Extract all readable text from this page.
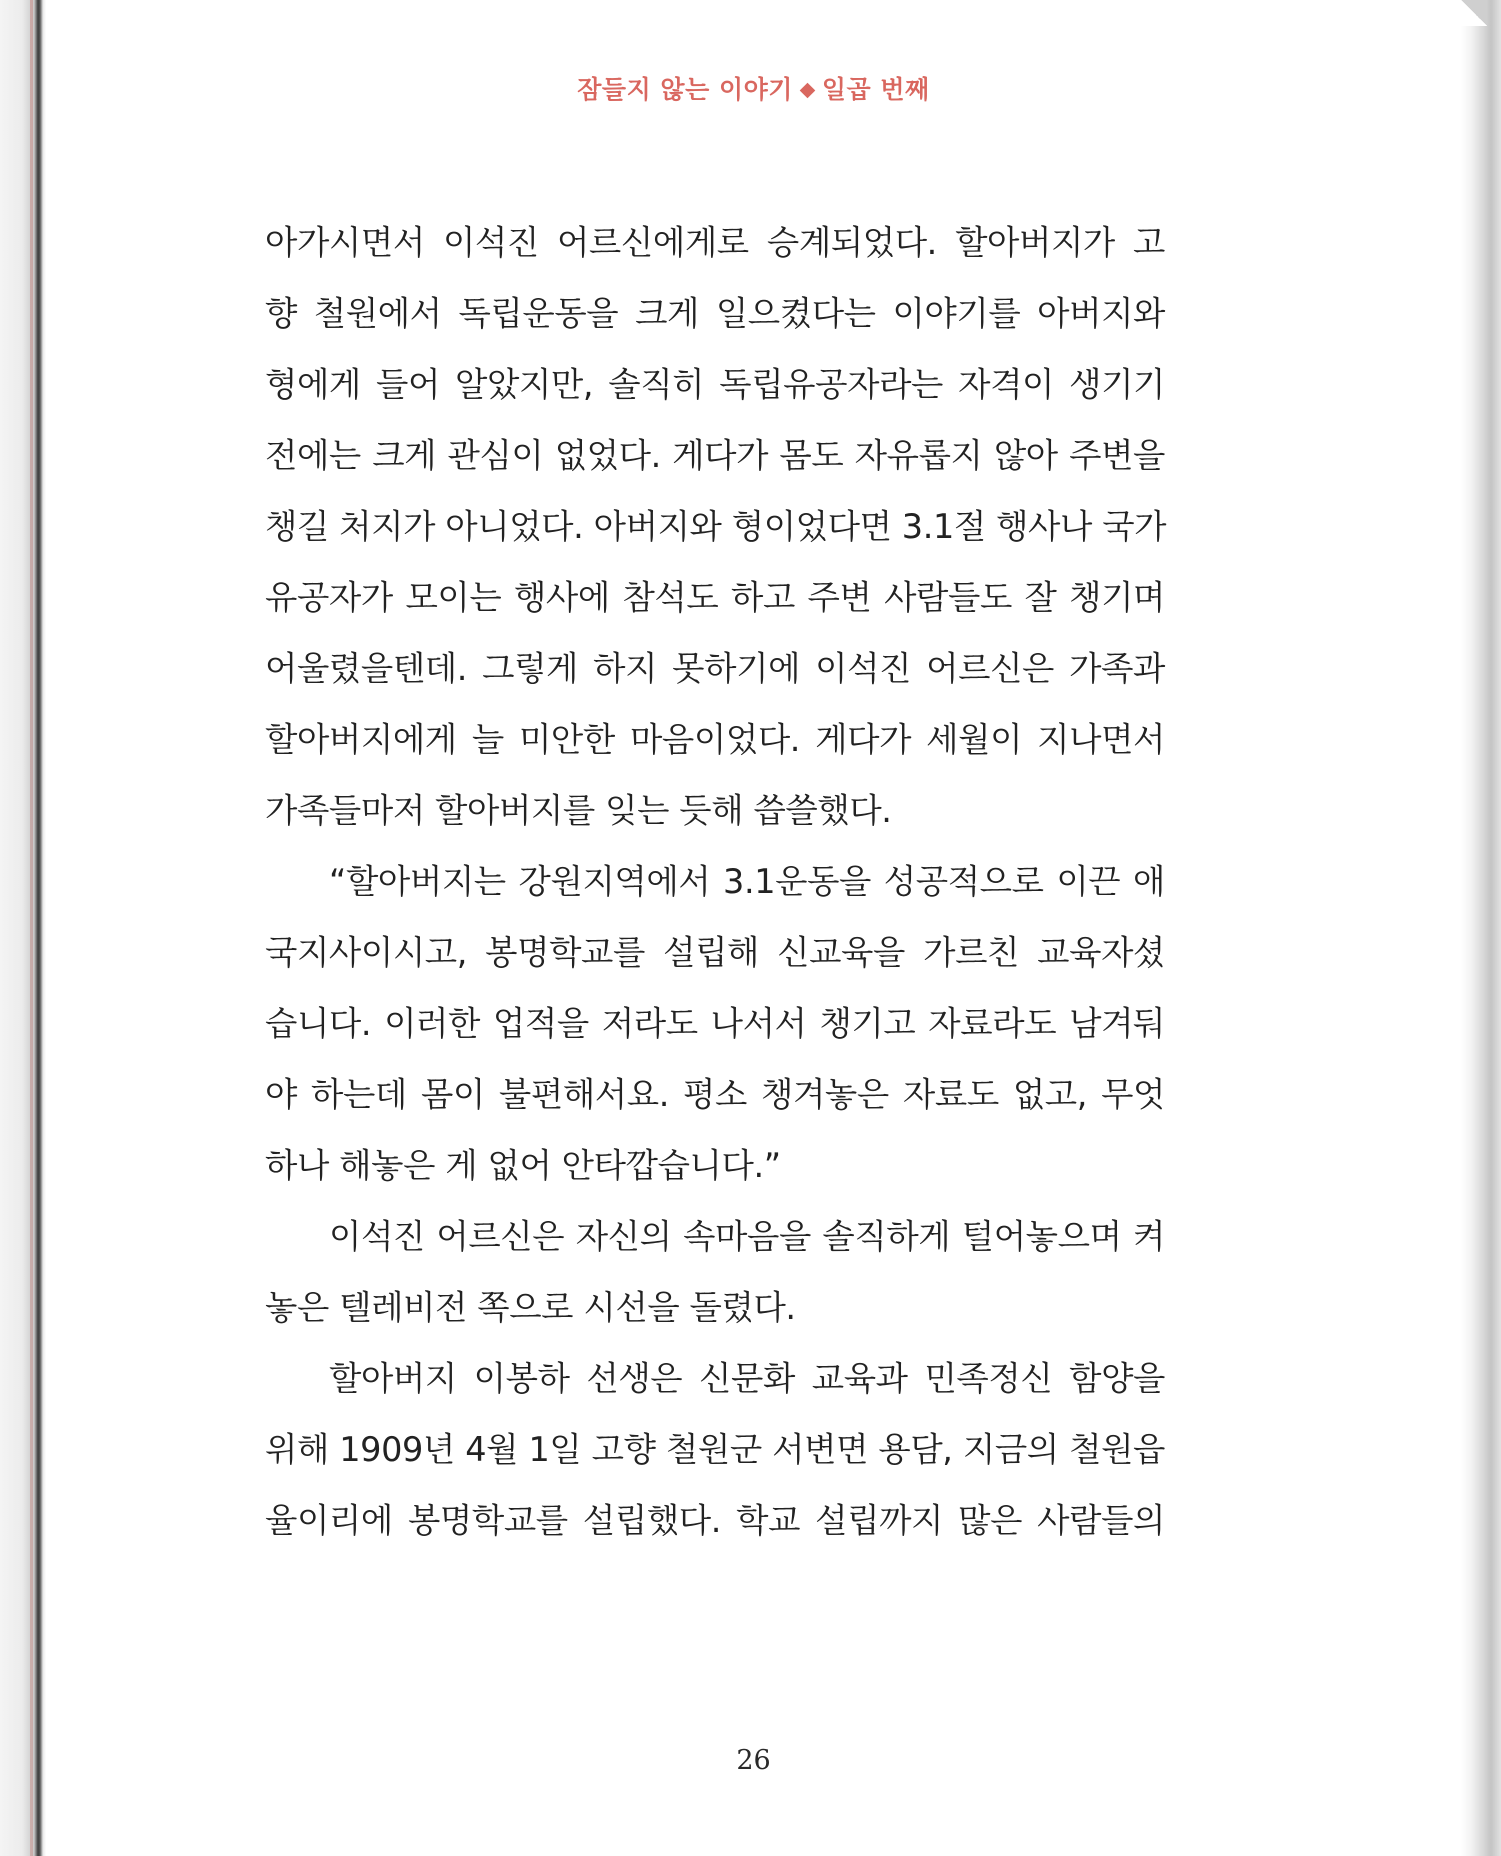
잠들지 않는 이야기 일곱 번째
아가시면서 이석진 어르신에게로 승계되었다. 할아버지가 고
향 철원에서 독립운동을 크게 일으켰다는 이야기를 아버지와
형에게 들어 알았지만, 솔직히 독립유공자라는 자격이 생기기
전에는 크게 관심이 없었다. 게다가 몸도 자유롭지 않아 주변을
챙길 처지가 아니었다. 아버지와 형이었다면 3.1절 행사나 국가
유공자가 모이는 행사에 참석도 하고 주변 사람들도 잘 챙기며
어울렸을텐데. 그렇게 하지 못하기에 이석진 어르신은 가족과
할아버지에게 늘 미안한 마음이었다. 게다가 세월이 지나면서
가족들마저 할아버지를 잊는 듯해 씁쓸했다.
“할아버지는 강원지역에서 3.1운동을 성공적으로 이끈 애
국지사이시고, 봉명학교를 설립해 신교육을 가르친 교육자셨
습니다. 이러한 업적을 저라도 나서서 챙기고 자료라도 남겨둬
야 하는데 몸이 불편해서요. 평소 챙겨놓은 자료도 없고, 무엇
하나 해놓은 게 없어 안타깝습니다.”
이석진 어르신은 자신의 속마음을 솔직하게 털어놓으며 켜
놓은 텔레비전 쪽으로 시선을 돌렸다.
할아버지 이봉하 선생은 신문화 교육과 민족정신 함양을
위해 1909년 4월 1일 고향 철원군 서변면 용담, 지금의 철원읍
율이리에 봉명학교를 설립했다. 학교 설립까지 많은 사람들의
26
